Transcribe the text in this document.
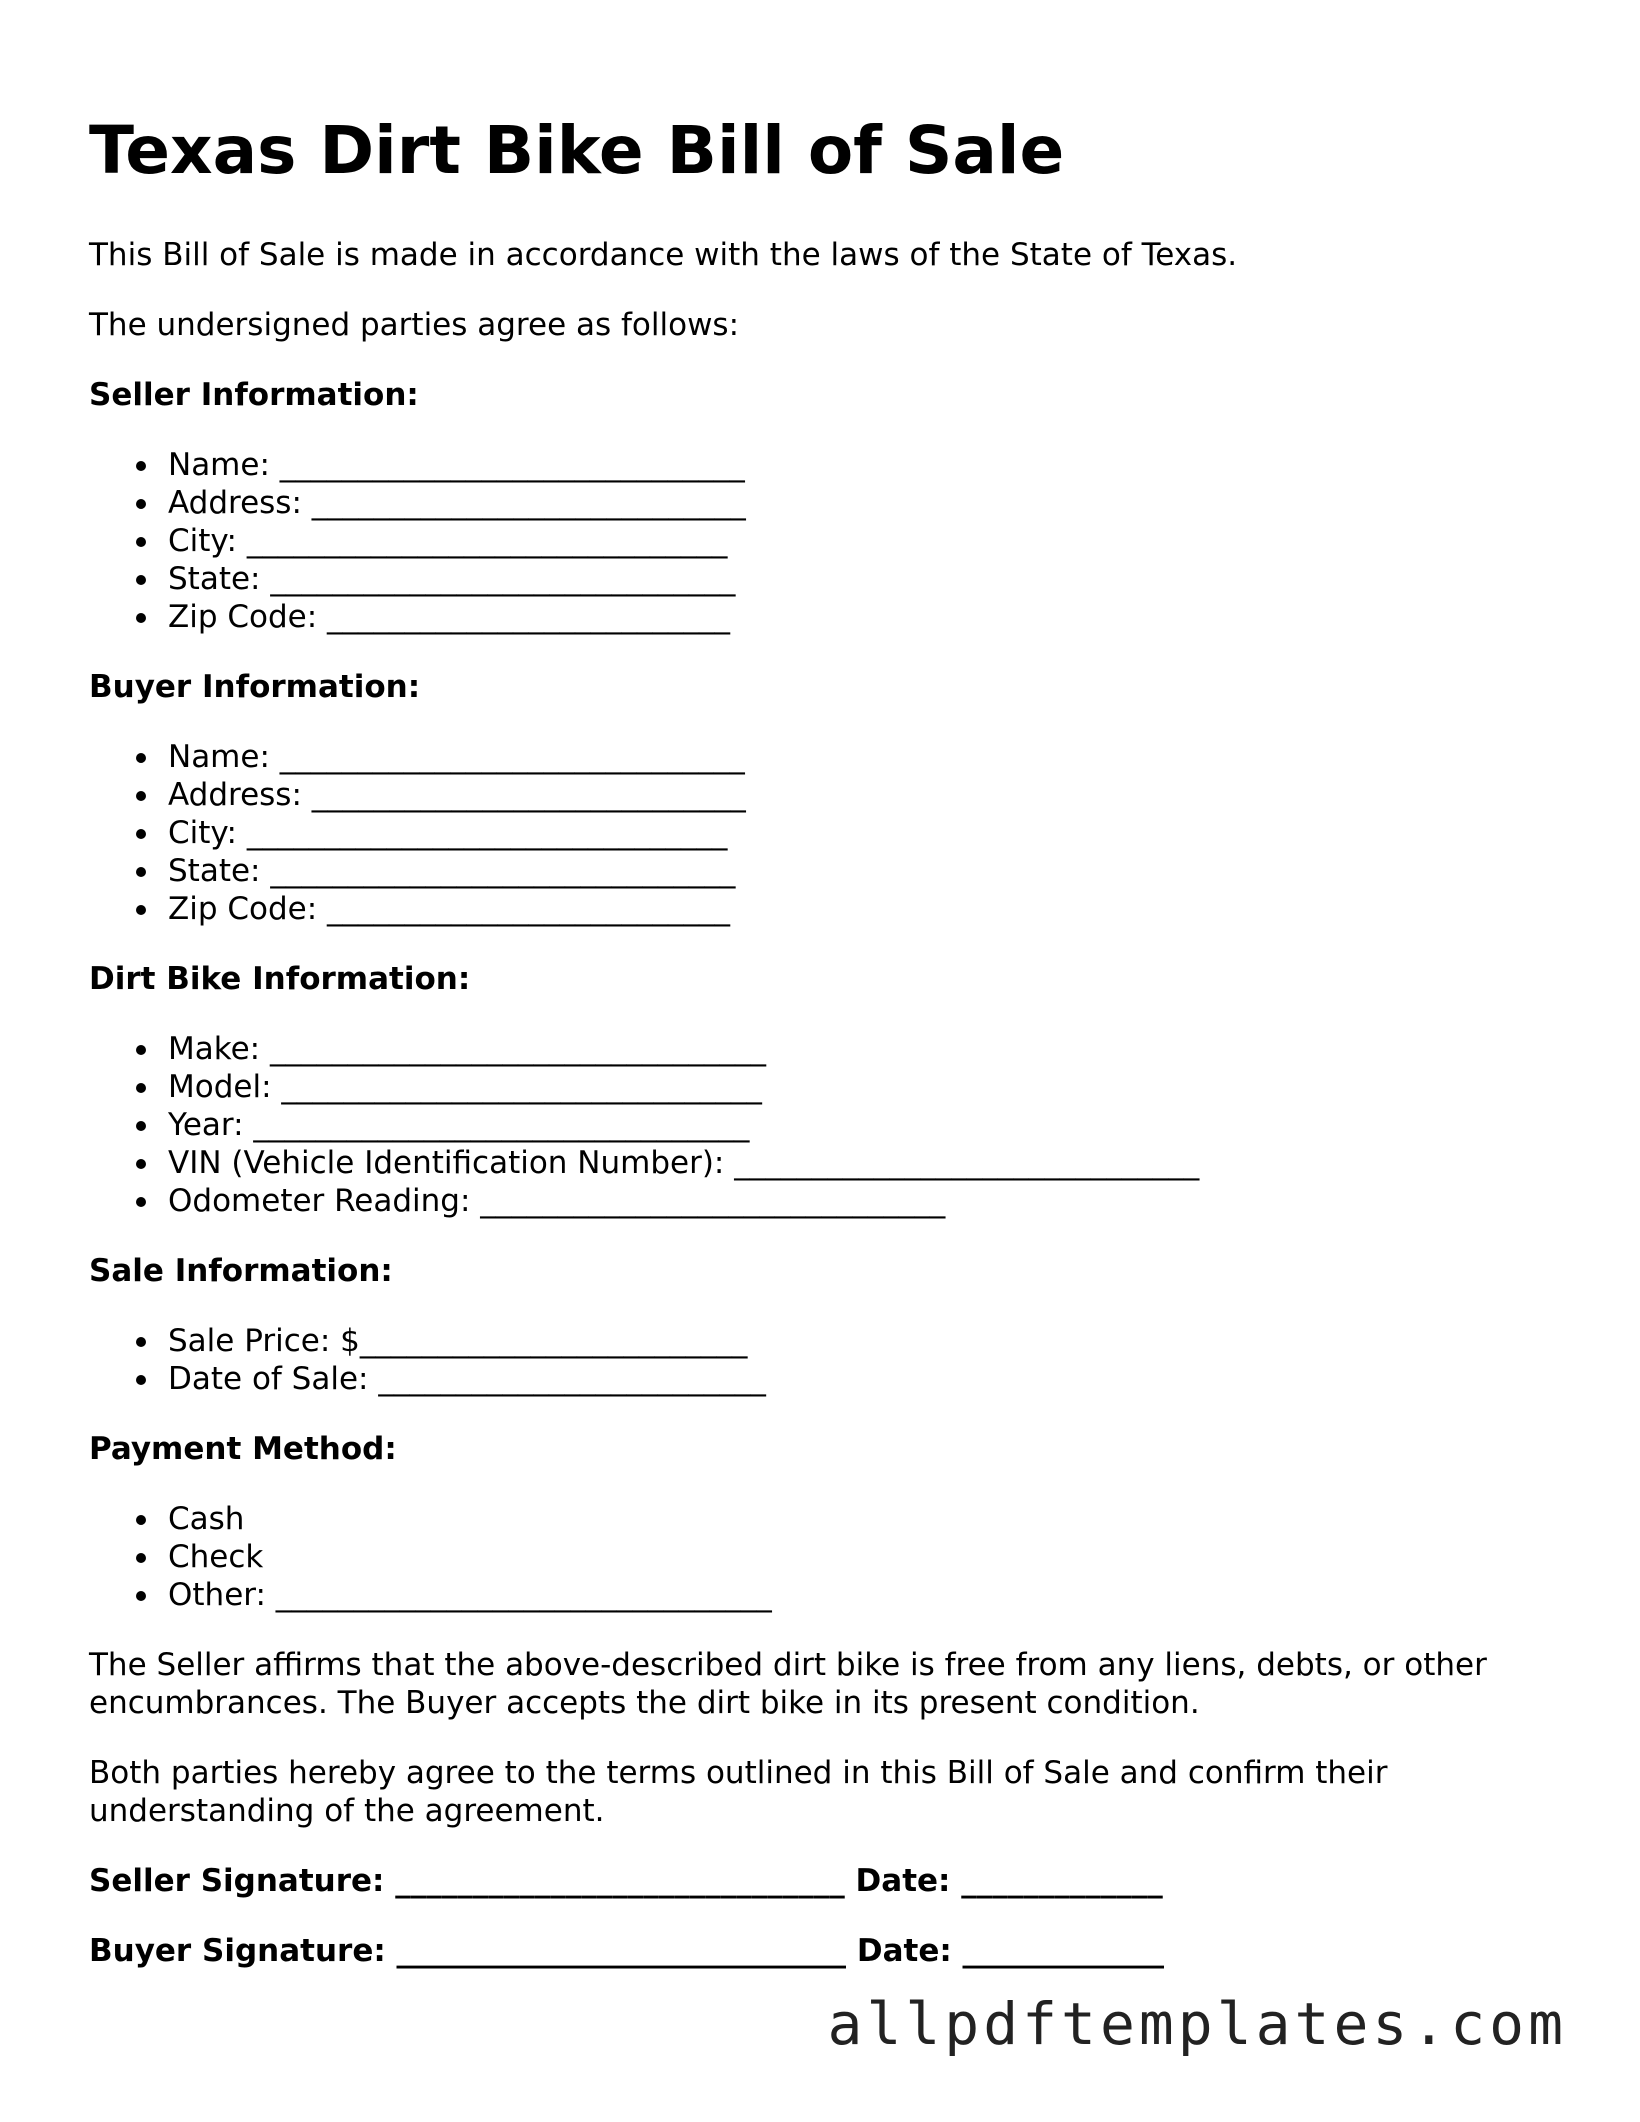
Texas Dirt Bike Bill of Sale

This Bill of Sale is made in accordance with the laws of the State of Texas.

The undersigned parties agree as follows:

Seller Information:
Name: ______________________________
Address: ____________________________
City: _______________________________
State: ______________________________
Zip Code: __________________________
Buyer Information:
Name: ______________________________
Address: ____________________________
City: _______________________________
State: ______________________________
Zip Code: __________________________
Dirt Bike Information:
Make: ________________________________
Model: _______________________________
Year: ________________________________
VIN (Vehicle Identification Number): ______________________________
Odometer Reading: ______________________________
Sale Information:
Sale Price: $_________________________
Date of Sale: _________________________
Payment Method:
Cash
Check
Other: ________________________________

The Seller affirms that the above-described dirt bike is free from any liens, debts, or other encumbrances. The Buyer accepts the dirt bike in its present condition.

Both parties hereby agree to the terms outlined in this Bill of Sale and confirm their understanding of the agreement.

Seller Signature: _____________________________ Date: _____________
Buyer Signature: _____________________________ Date: _____________
allpdftemplates.com
